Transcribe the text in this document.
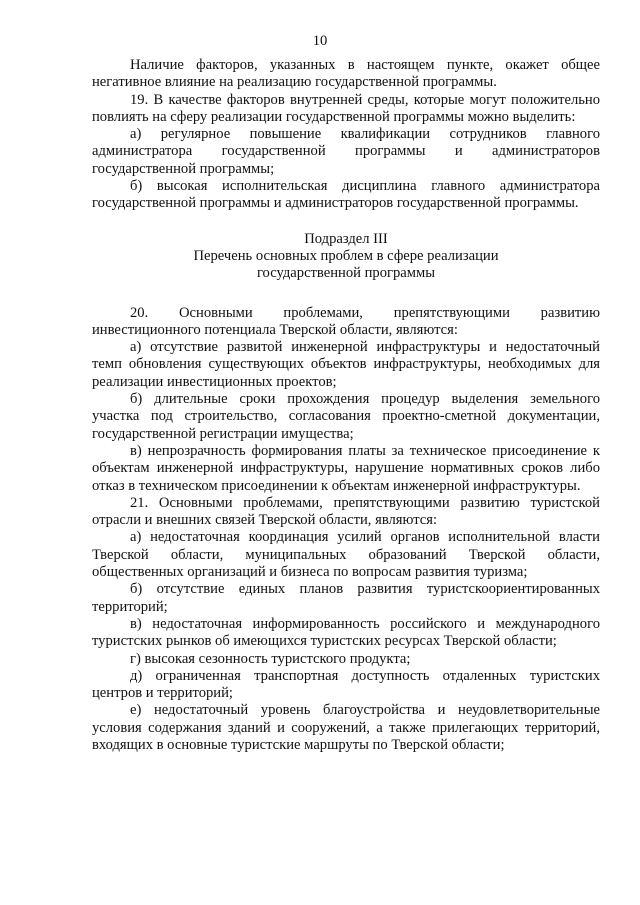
10

Наличие факторов, указанных в настоящем пункте, окажет общее негативное влияние на реализацию государственной программы.

19. В качестве факторов внутренней среды, которые могут положительно повлиять на сферу реализации государственной программы можно выделить:

а) регулярное повышение квалификации сотрудников главного администратора государственной программы и администраторов государственной программы;

б) высокая исполнительская дисциплина главного администратора государственной программы и администраторов государственной программы.

Подраздел III

Перечень основных проблем в сфере реализации

государственной программы

20. Основными проблемами, препятствующими развитию инвестиционного потенциала Тверской области, являются:

а) отсутствие развитой инженерной инфраструктуры и недостаточный темп обновления существующих объектов инфраструктуры, необходимых для реализации инвестиционных проектов;

б) длительные сроки прохождения процедур выделения земельного участка под строительство, согласования проектно-сметной документации, государственной регистрации имущества;

в) непрозрачность формирования платы за техническое присоединение к объектам инженерной инфраструктуры, нарушение нормативных сроков либо отказ в техническом присоединении к объектам инженерной инфраструктуры.

21. Основными проблемами, препятствующими развитию туристской отрасли и внешних связей Тверской области, являются:

а) недостаточная координация усилий органов исполнительной власти Тверской области, муниципальных образований Тверской области, общественных организаций и бизнеса по вопросам развития туризма;

б) отсутствие единых планов развития туристскоориентированных территорий;

в) недостаточная информированность российского и международного туристских рынков об имеющихся туристских ресурсах Тверской области;

г) высокая сезонность туристского продукта;

д) ограниченная транспортная доступность отдаленных туристских центров и территорий;

е) недостаточный уровень благоустройства и неудовлетворительные условия содержания зданий и сооружений, а также прилегающих территорий, входящих в основные туристские маршруты по Тверской области;
